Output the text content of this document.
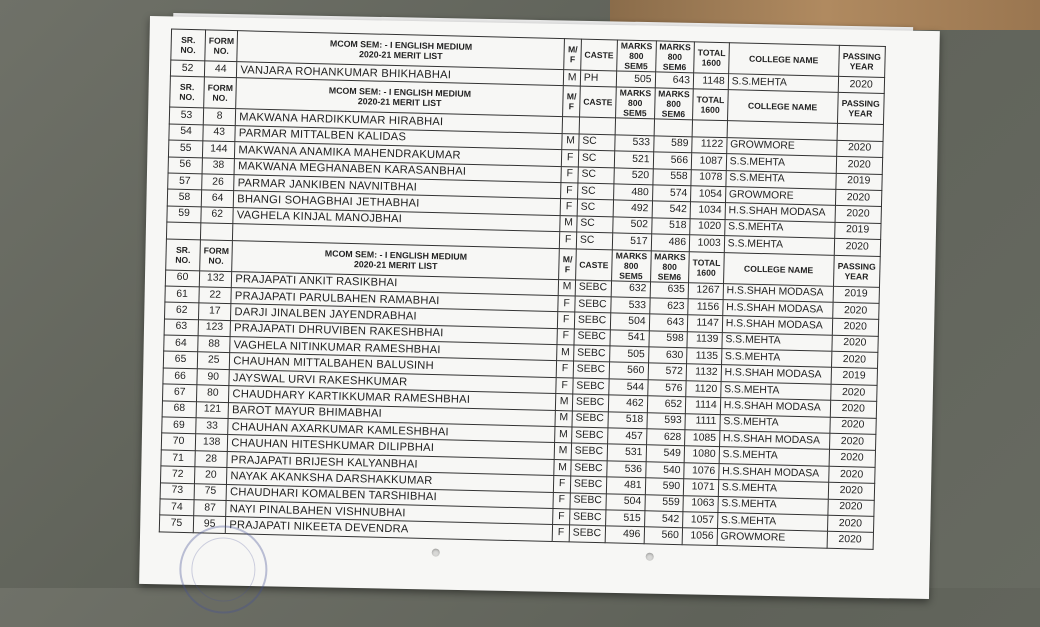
SR. NO.	FORM NO.	MCOM SEM: - I ENGLISH MEDIUM
2020-21 MERIT LIST	M/ F	CASTE	MARKS 800 SEM5	MARKS 800 SEM6	TOTAL 1600	COLLEGE NAME	PASSING YEAR
52	44	VANJARA ROHANKUMAR BHIKHABHAI	M	PH	505	643	1148	S.S.MEHTA	2020
SR. NO.	FORM NO.	MCOM SEM: - I ENGLISH MEDIUM
2020-21 MERIT LIST	M/ F	CASTE	MARKS 800 SEM5	MARKS 800 SEM6	TOTAL 1600	COLLEGE NAME	PASSING YEAR
53	8	MAKWANA HARDIKKUMAR HIRABHAI							
54	43	PARMAR MITTALBEN KALIDAS	M	SC	533	589	1122	GROWMORE	2020
55	144	MAKWANA ANAMIKA MAHENDRAKUMAR	F	SC	521	566	1087	S.S.MEHTA	2020
56	38	MAKWANA MEGHANABEN KARASANBHAI	F	SC	520	558	1078	S.S.MEHTA	2019
57	26	PARMAR JANKIBEN NAVNITBHAI	F	SC	480	574	1054	GROWMORE	2020
58	64	BHANGI SOHAGBHAI JETHABHAI	F	SC	492	542	1034	H.S.SHAH MODASA	2020
59	62	VAGHELA KINJAL MANOJBHAI	M	SC	502	518	1020	S.S.MEHTA	2019
			F	SC	517	486	1003	S.S.MEHTA	2020
SR. NO.	FORM NO.	MCOM SEM: - I ENGLISH MEDIUM
2020-21 MERIT LIST	M/ F	CASTE	MARKS 800 SEM5	MARKS 800 SEM6	TOTAL 1600	COLLEGE NAME	PASSING YEAR
60	132	PRAJAPATI ANKIT RASIKBHAI	M	SEBC	632	635	1267	H.S.SHAH MODASA	2019
61	22	PRAJAPATI PARULBAHEN RAMABHAI	F	SEBC	533	623	1156	H.S.SHAH MODASA	2020
62	17	DARJI JINALBEN JAYENDRABHAI	F	SEBC	504	643	1147	H.S.SHAH MODASA	2020
63	123	PRAJAPATI DHRUVIBEN RAKESHBHAI	F	SEBC	541	598	1139	S.S.MEHTA	2020
64	88	VAGHELA NITINKUMAR RAMESHBHAI	M	SEBC	505	630	1135	S.S.MEHTA	2020
65	25	CHAUHAN MITTALBAHEN BALUSINH	F	SEBC	560	572	1132	H.S.SHAH MODASA	2019
66	90	JAYSWAL URVI RAKESHKUMAR	F	SEBC	544	576	1120	S.S.MEHTA	2020
67	80	CHAUDHARY KARTIKKUMAR RAMESHBHAI	M	SEBC	462	652	1114	H.S.SHAH MODASA	2020
68	121	BAROT MAYUR BHIMABHAI	M	SEBC	518	593	1111	S.S.MEHTA	2020
69	33	CHAUHAN AXARKUMAR KAMLESHBHAI	M	SEBC	457	628	1085	H.S.SHAH MODASA	2020
70	138	CHAUHAN HITESHKUMAR DILIPBHAI	M	SEBC	531	549	1080	S.S.MEHTA	2020
71	28	PRAJAPATI BRIJESH KALYANBHAI	M	SEBC	536	540	1076	H.S.SHAH MODASA	2020
72	20	NAYAK AKANKSHA DARSHAKKUMAR	F	SEBC	481	590	1071	S.S.MEHTA	2020
73	75	CHAUDHARI KOMALBEN TARSHIBHAI	F	SEBC	504	559	1063	S.S.MEHTA	2020
74	87	NAYI PINALBAHEN VISHNUBHAI	F	SEBC	515	542	1057	S.S.MEHTA	2020
75	95	PRAJAPATI NIKEETA DEVENDRA	F	SEBC	496	560	1056	GROWMORE	2020
